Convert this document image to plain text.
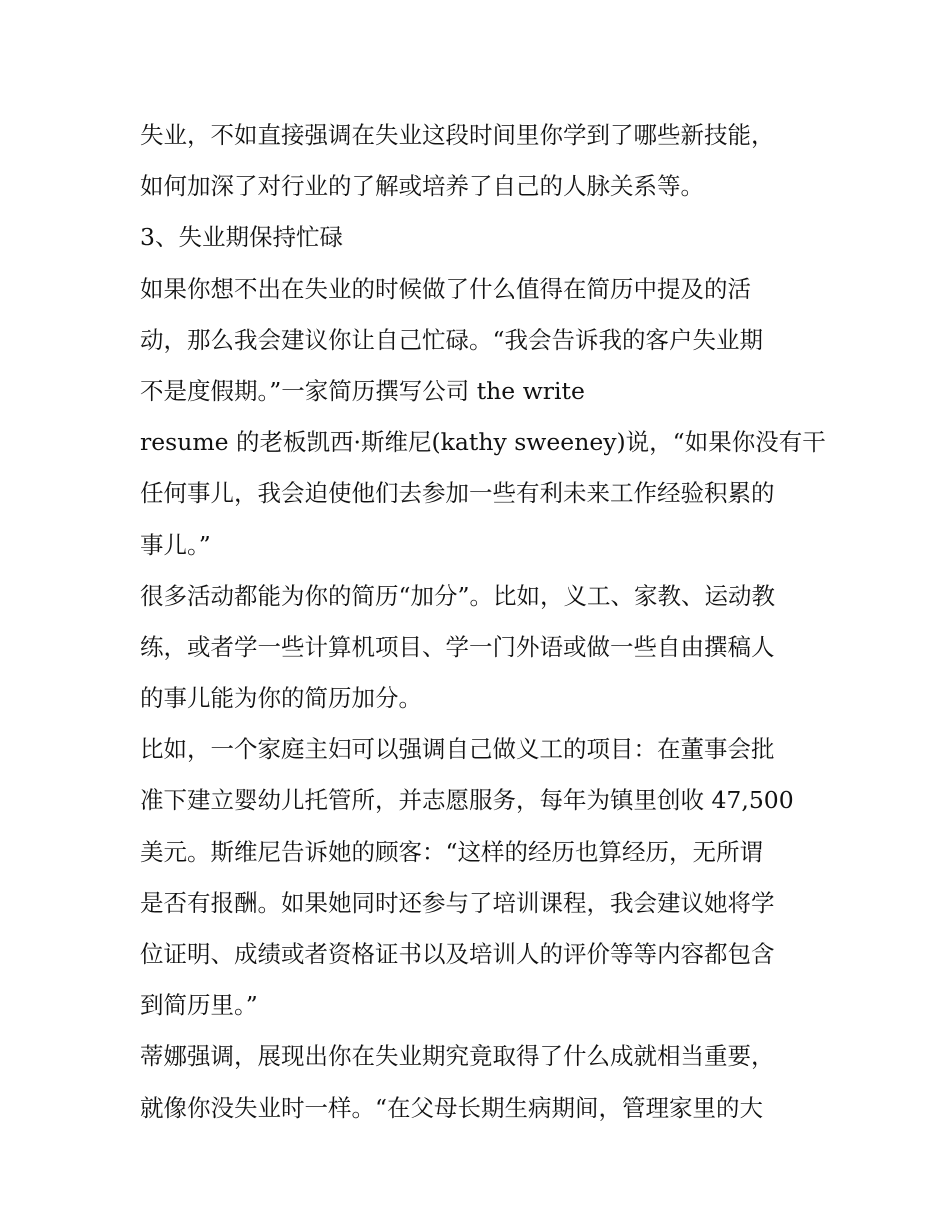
失业，不如直接强调在失业这段时间里你学到了哪些新技能，
如何加深了对行业的了解或培养了自己的人脉关系等。
3、失业期保持忙碌
如果你想不出在失业的时候做了什么值得在简历中提及的活
动，那么我会建议你让自己忙碌。“我会告诉我的客户失业期
不是度假期。”一家简历撰写公司 the write
resume 的老板凯西·斯维尼(kathy sweeney)说，“如果你没有干
任何事儿，我会迫使他们去参加一些有利未来工作经验积累的
事儿。”
很多活动都能为你的简历“加分”。比如，义工、家教、运动教
练，或者学一些计算机项目、学一门外语或做一些自由撰稿人
的事儿能为你的简历加分。
比如，一个家庭主妇可以强调自己做义工的项目：在董事会批
准下建立婴幼儿托管所，并志愿服务，每年为镇里创收 47,500
美元。斯维尼告诉她的顾客：“这样的经历也算经历，无所谓
是否有报酬。如果她同时还参与了培训课程，我会建议她将学
位证明、成绩或者资格证书以及培训人的评价等等内容都包含
到简历里。”
蒂娜强调，展现出你在失业期究竟取得了什么成就相当重要，
就像你没失业时一样。“在父母长期生病期间，管理家里的大
